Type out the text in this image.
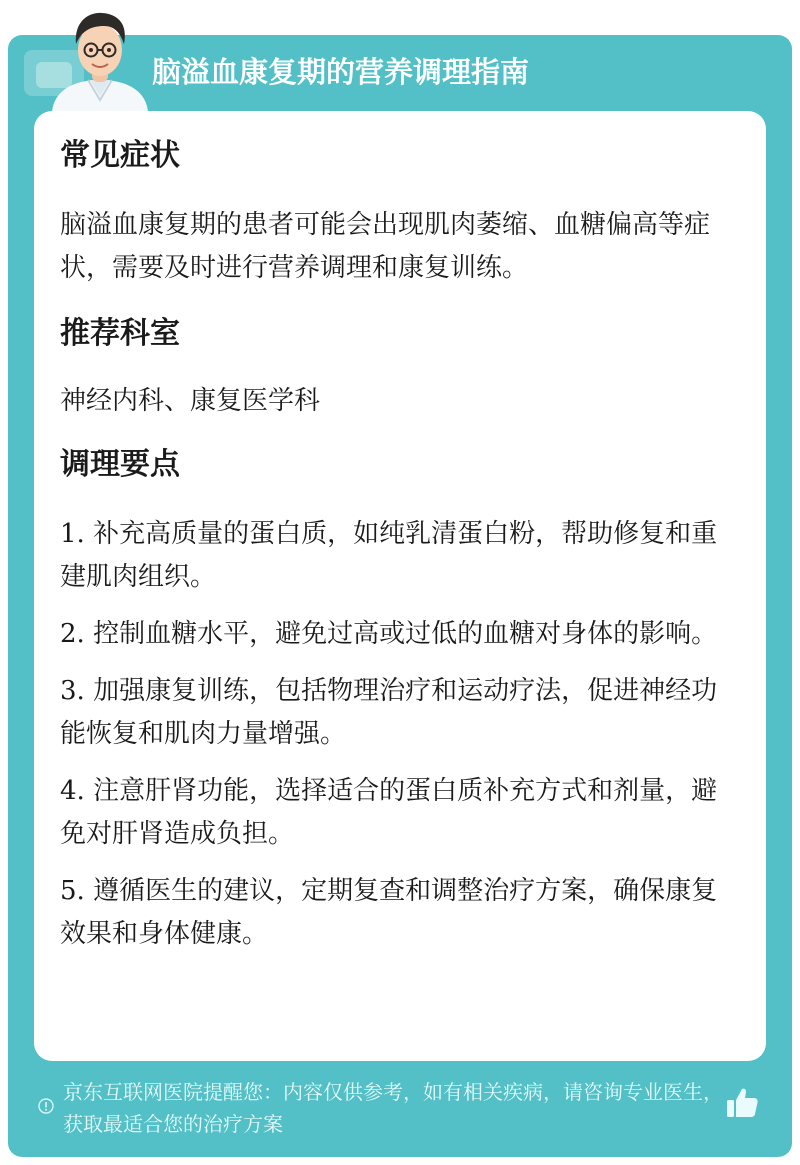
脑溢血康复期的营养调理指南
常见症状

脑溢血康复期的患者可能会出现肌肉萎缩、血糖偏高等症状，需要及时进行营养调理和康复训练。

推荐科室

神经内科、康复医学科

调理要点

1. 补充高质量的蛋白质，如纯乳清蛋白粉，帮助修复和重建肌肉组织。

2. 控制血糖水平，避免过高或过低的血糖对身体的影响。

3. 加强康复训练，包括物理治疗和运动疗法，促进神经功能恢复和肌肉力量增强。

4. 注意肝肾功能，选择适合的蛋白质补充方式和剂量，避免对肝肾造成负担。

5. 遵循医生的建议，定期复查和调整治疗方案，确保康复效果和身体健康。

京东互联网医院提醒您：内容仅供参考，如有相关疾病，请咨询专业医生，获取最适合您的治疗方案
